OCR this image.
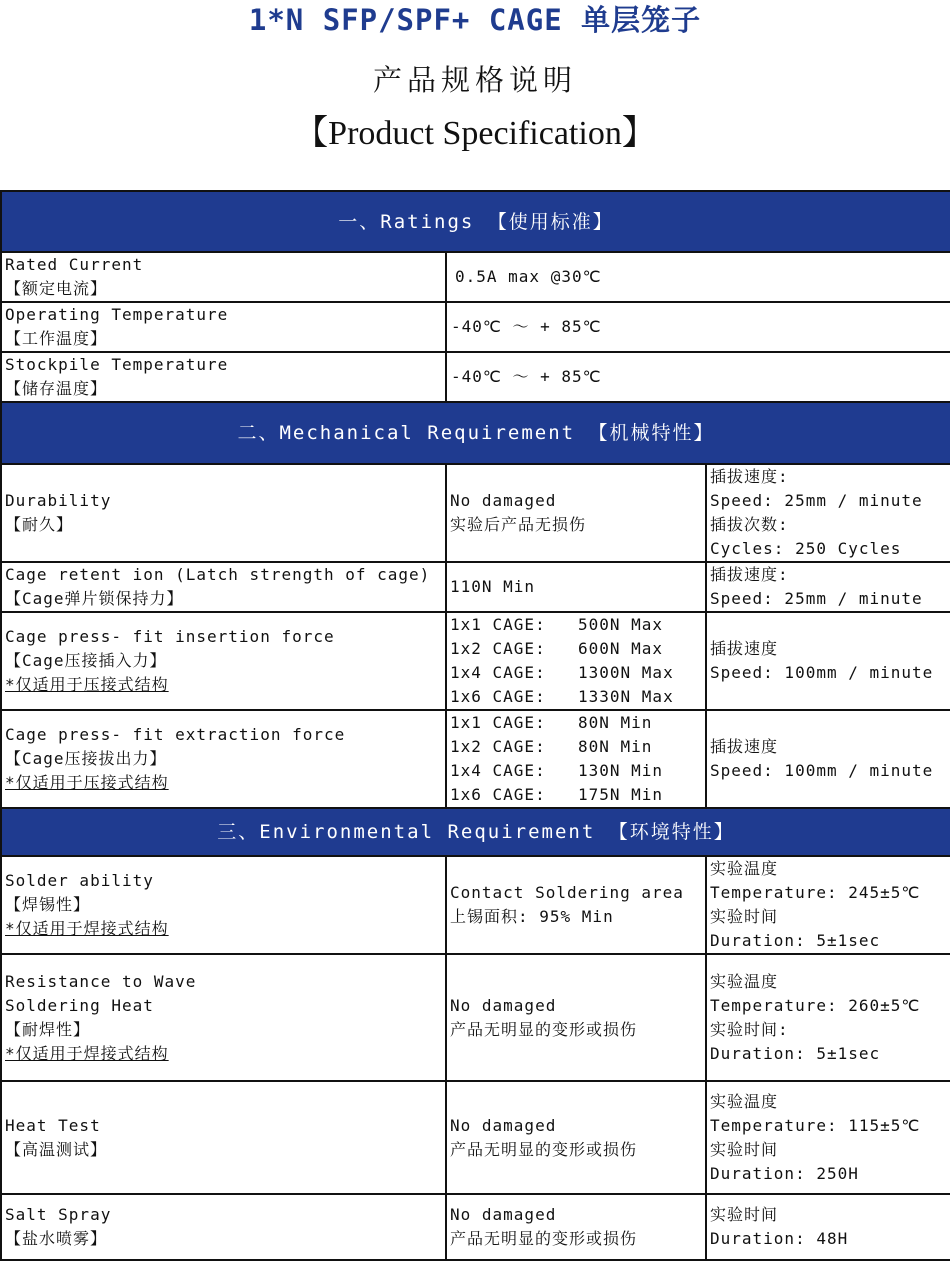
1*N SFP/SPF+ CAGE 单层笼子
产品规格说明
【Product Specification】
一、Ratings 【使用标准】		

Rated Current
【额定电流】	0.5A max @30℃	

Operating Temperature
【工作温度】	-40℃ ～ + 85℃	

Stockpile Temperature
【储存温度】	-40℃ ～ + 85℃	
二、Mechanical Requirement 【机械特性】		

Durability
【耐久】	No damaged
实验后产品无损伤	插拔速度:
Speed: 25mm / minute
插拔次数:
Cycles: 250 Cycles

Cage retent ion (Latch strength of cage)
【Cage弹片锁保持力】	110N Min	插拔速度:
Speed: 25mm / minute

Cage press- fit insertion force
【Cage压接插入力】
*仅适用于压接式结构	1x1 CAGE: 500N Max
1x2 CAGE: 600N Max
1x4 CAGE: 1300N Max
1x6 CAGE: 1330N Max	插拔速度
Speed: 100mm / minute

Cage press- fit extraction force
【Cage压接拔出力】
*仅适用于压接式结构	1x1 CAGE: 80N Min
1x2 CAGE: 80N Min
1x4 CAGE: 130N Min
1x6 CAGE: 175N Min	插拔速度
Speed: 100mm / minute

三、Environmental Requirement 【环境特性】		

Solder ability
【焊锡性】
*仅适用于焊接式结构	Contact Soldering area
上锡面积: 95% Min	实验温度
Temperature: 245±5℃
实验时间
Duration: 5±1sec

Resistance to Wave
Soldering Heat
【耐焊性】
*仅适用于焊接式结构	No damaged
产品无明显的变形或损伤	实验温度
Temperature: 260±5℃
实验时间:
Duration: 5±1sec

Heat Test
【高温测试】	No damaged
产品无明显的变形或损伤	实验温度
Temperature: 115±5℃
实验时间
Duration: 250H

Salt Spray
【盐水喷雾】	No damaged
产品无明显的变形或损伤	实验时间
Duration: 48H
